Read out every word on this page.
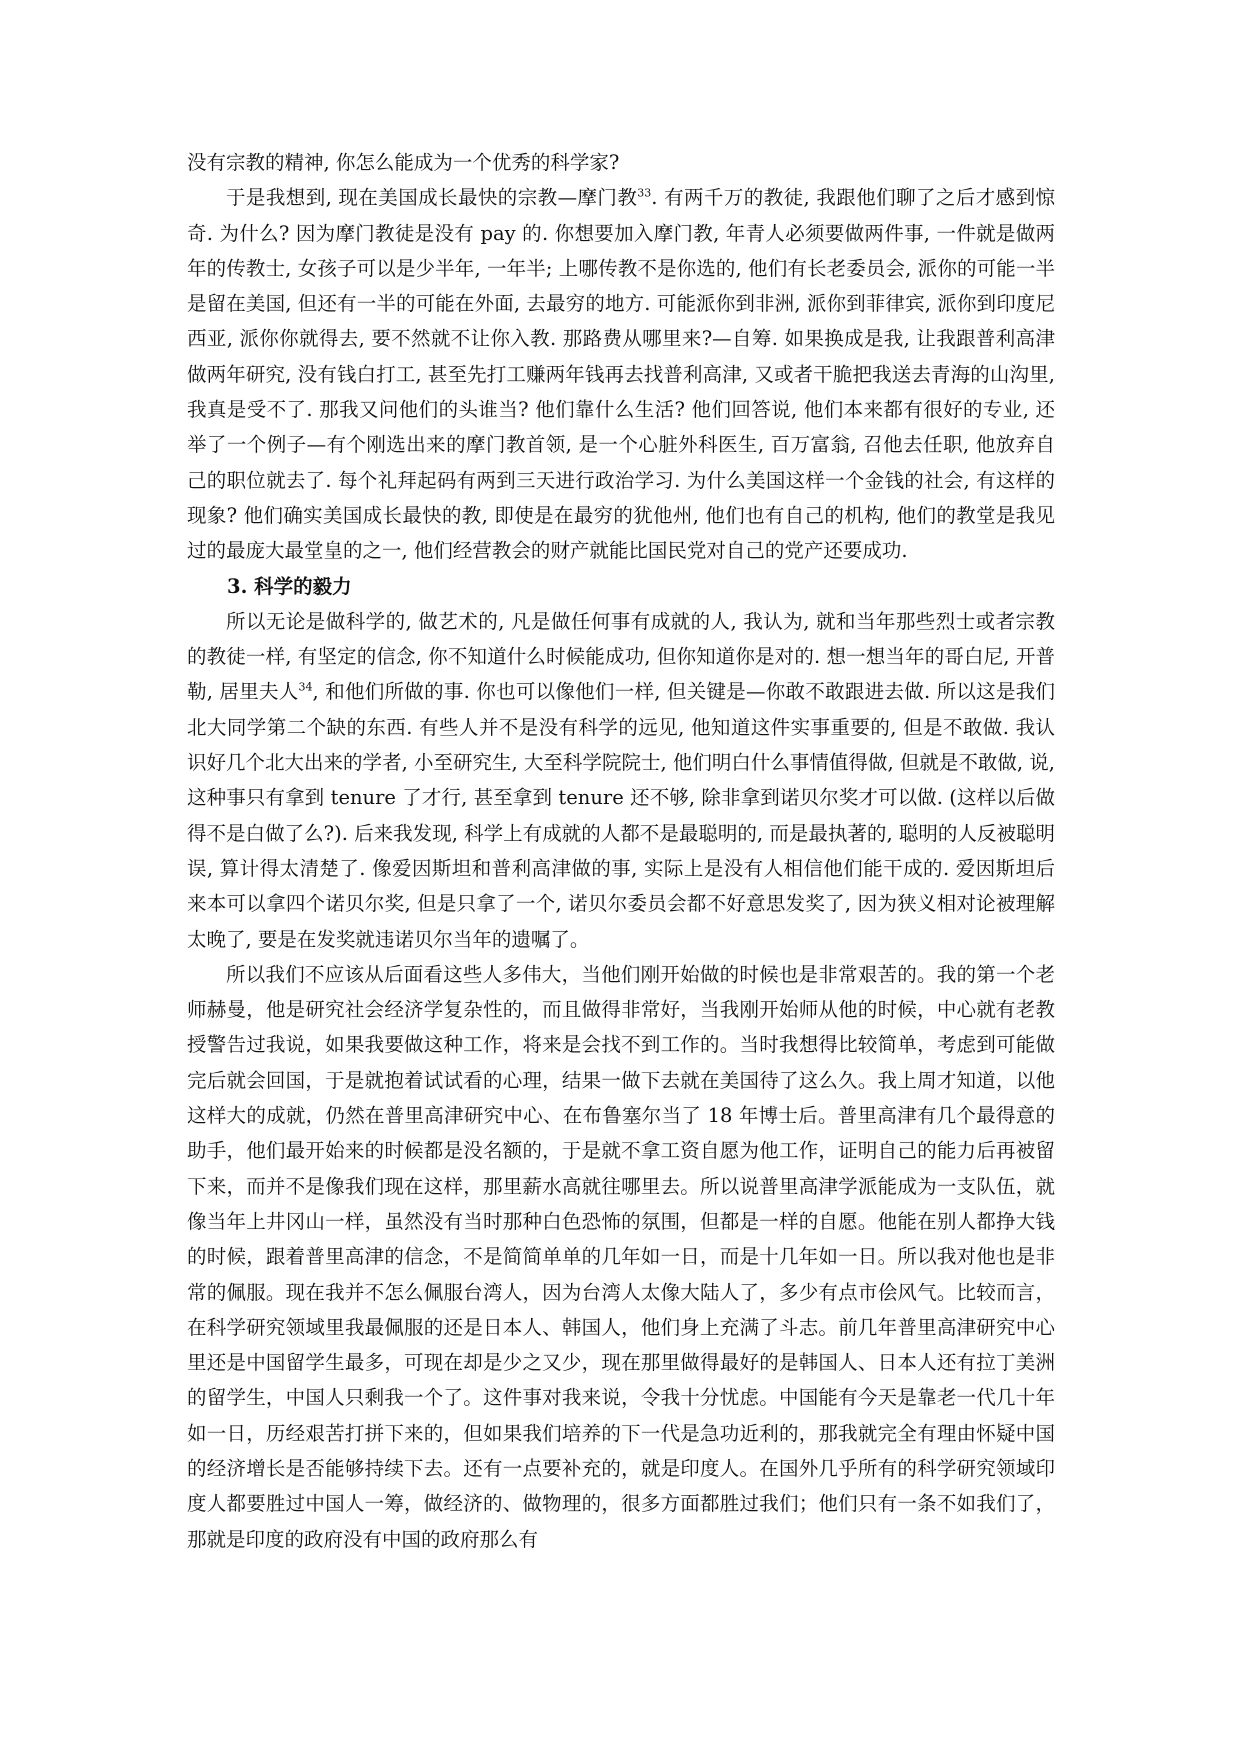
没有宗教的精神, 你怎么能成为一个优秀的科学家?

于是我想到, 现在美国成长最快的宗教—摩门教$^{33}$. 有两千万的教徒, 我跟他们聊了之后才感到惊奇. 为什么? 因为摩门教徒是没有 pay 的. 你想要加入摩门教, 年青人必须要做两件事, 一件就是做两年的传教士, 女孩子可以是少半年, 一年半; 上哪传教不是你选的, 他们有长老委员会, 派你的可能一半是留在美国, 但还有一半的可能在外面, 去最穷的地方. 可能派你到非洲, 派你到菲律宾, 派你到印度尼西亚, 派你你就得去, 要不然就不让你入教. 那路费从哪里来?—自筹. 如果换成是我, 让我跟普利高津做两年研究, 没有钱白打工, 甚至先打工赚两年钱再去找普利高津, 又或者干脆把我送去青海的山沟里, 我真是受不了. 那我又问他们的头谁当? 他们靠什么生活? 他们回答说, 他们本来都有很好的专业, 还举了一个例子—有个刚选出来的摩门教首领, 是一个心脏外科医生, 百万富翁, 召他去任职, 他放弃自己的职位就去了. 每个礼拜起码有两到三天进行政治学习. 为什么美国这样一个金钱的社会, 有这样的现象? 他们确实美国成长最快的教, 即使是在最穷的犹他州, 他们也有自己的机构, 他们的教堂是我见过的最庞大最堂皇的之一, 他们经营教会的财产就能比国民党对自己的党产还要成功.

3. 科学的毅力

所以无论是做科学的, 做艺术的, 凡是做任何事有成就的人, 我认为, 就和当年那些烈士或者宗教的教徒一样, 有坚定的信念, 你不知道什么时候能成功, 但你知道你是对的. 想一想当年的哥白尼, 开普勒, 居里夫人$^{34}$, 和他们所做的事. 你也可以像他们一样, 但关键是—你敢不敢跟进去做. 所以这是我们北大同学第二个缺的东西. 有些人并不是没有科学的远见, 他知道这件实事重要的, 但是不敢做. 我认识好几个北大出来的学者, 小至研究生, 大至科学院院士, 他们明白什么事情值得做, 但就是不敢做, 说, 这种事只有拿到 tenure 了才行, 甚至拿到 tenure 还不够, 除非拿到诺贝尔奖才可以做. (这样以后做得不是白做了么?). 后来我发现, 科学上有成就的人都不是最聪明的, 而是最执著的, 聪明的人反被聪明误, 算计得太清楚了. 像爱因斯坦和普利高津做的事, 实际上是没有人相信他们能干成的. 爱因斯坦后来本可以拿四个诺贝尔奖, 但是只拿了一个, 诺贝尔委员会都不好意思发奖了, 因为狭义相对论被理解太晚了, 要是在发奖就违诺贝尔当年的遗嘱了。

所以我们不应该从后面看这些人多伟大，当他们刚开始做的时候也是非常艰苦的。我的第一个老师赫曼，他是研究社会经济学复杂性的，而且做得非常好，当我刚开始师从他的时候，中心就有老教授警告过我说，如果我要做这种工作，将来是会找不到工作的。当时我想得比较简单，考虑到可能做完后就会回国，于是就抱着试试看的心理，结果一做下去就在美国待了这么久。我上周才知道，以他这样大的成就，仍然在普里高津研究中心、在布鲁塞尔当了 18 年博士后。普里高津有几个最得意的助手，他们最开始来的时候都是没名额的，于是就不拿工资自愿为他工作，证明自己的能力后再被留下来，而并不是像我们现在这样，那里薪水高就往哪里去。所以说普里高津学派能成为一支队伍，就像当年上井冈山一样，虽然没有当时那种白色恐怖的氛围，但都是一样的自愿。他能在别人都挣大钱的时候，跟着普里高津的信念，不是简简单单的几年如一日，而是十几年如一日。所以我对他也是非常的佩服。现在我并不怎么佩服台湾人，因为台湾人太像大陆人了，多少有点市侩风气。比较而言，在科学研究领域里我最佩服的还是日本人、韩国人，他们身上充满了斗志。前几年普里高津研究中心里还是中国留学生最多，可现在却是少之又少，现在那里做得最好的是韩国人、日本人还有拉丁美洲的留学生，中国人只剩我一个了。这件事对我来说，令我十分忧虑。中国能有今天是靠老一代几十年如一日，历经艰苦打拼下来的，但如果我们培养的下一代是急功近利的，那我就完全有理由怀疑中国的经济增长是否能够持续下去。还有一点要补充的，就是印度人。在国外几乎所有的科学研究领域印度人都要胜过中国人一筹，做经济的、做物理的，很多方面都胜过我们；他们只有一条不如我们了，那就是印度的政府没有中国的政府那么有
